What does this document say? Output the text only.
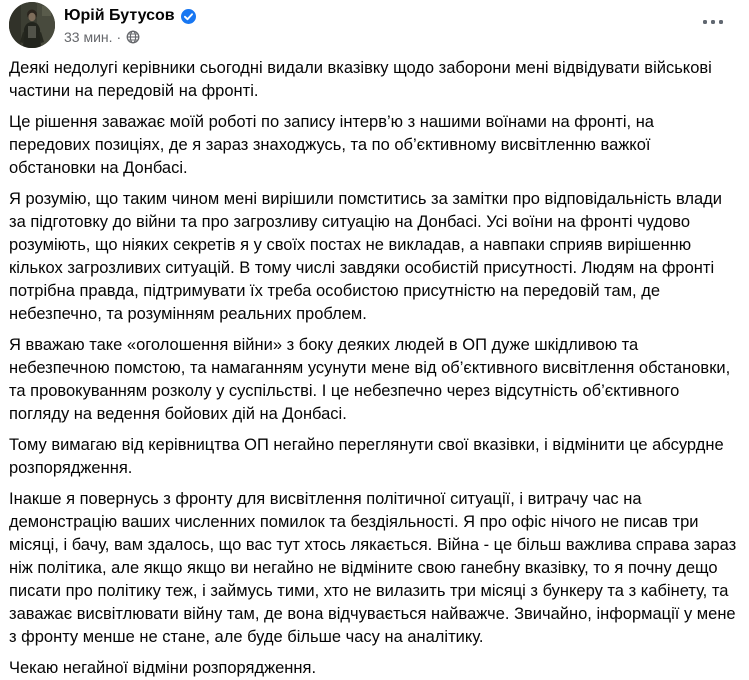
Юрій Бутусов
33 мин. ·

Деякі недолугі керівники сьогодні видали вказівку щодо заборони мені відвідувати військові частини на передовій на фронті.

Це рішення заважає моїй роботі по запису інтерв’ю з нашими воїнами на фронті, на передових позиціях, де я зараз знаходжусь, та по об’єктивному висвітленню важкої обстановки на Донбасі.

Я розумію, що таким чином мені вирішили помститись за замітки про відповідальність влади за підготовку до війни та про загрозливу ситуацію на Донбасі. Усі воїни на фронті чудово розуміють, що ніяких секретів я у своїх постах не викладав, а навпаки сприяв вирішенню кількох загрозливих ситуацій. В тому числі завдяки особистій присутності. Людям на фронті потрібна правда, підтримувати їх треба особистою присутністю на передовій там, де небезпечно, та розумінням реальних проблем.

Я вважаю таке «оголошення війни» з боку деяких людей в ОП дуже шкідливою та небезпечною помстою, та намаганням усунути мене від об’єктивного висвітлення обстановки, та провокуванням розколу у суспільстві. І це небезпечно через відсутність об’єктивного погляду на ведення бойових дій на Донбасі.

Тому вимагаю від керівництва ОП негайно переглянути свої вказівки, і відмінити це абсурдне розпорядження.

Інакше я повернусь з фронту для висвітлення політичної ситуації, і витрачу час на демонстрацію ваших численних помилок та бездіяльності. Я про офіс нічого не писав три місяці, і бачу, вам здалось, що вас тут хтось лякається. Війна - це більш важлива справа зараз ніж політика, але якщо якщо ви негайно не відміните свою ганебну вказівку, то я почну дещо писати про політику теж, і займусь тими, хто не вилазить три місяці з бункеру та з кабінету, та заважає висвітлювати війну там, де вона відчувається найважче. Звичайно, інформації у мене з фронту менше не стане, але буде більше часу на аналітику.

Чекаю негайної відміни розпорядження.
